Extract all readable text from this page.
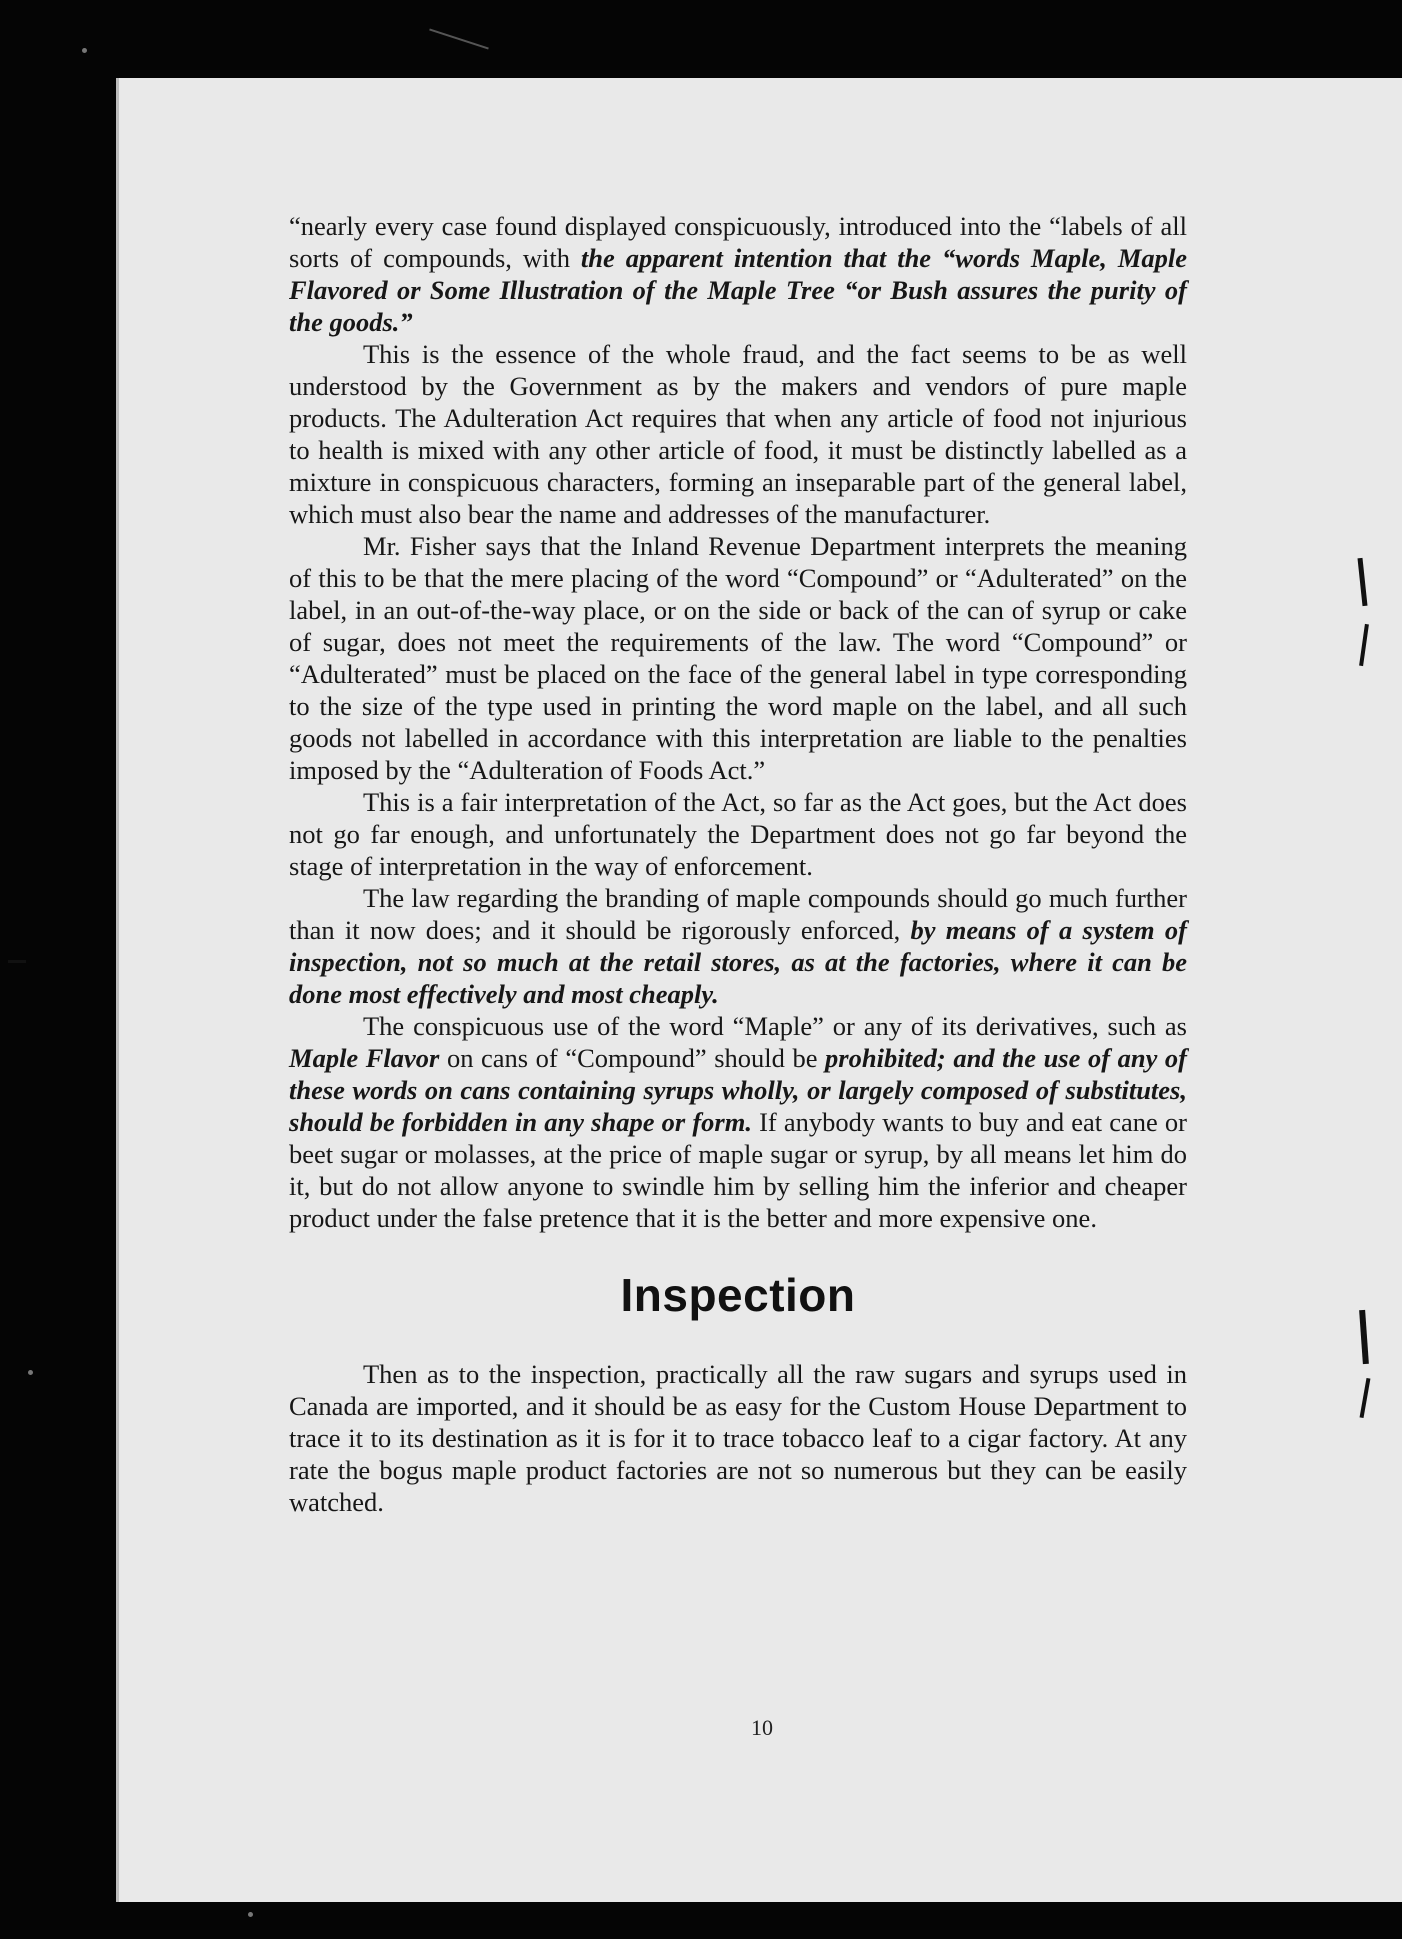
“nearly every case found displayed conspicuously, introduced into the “labels of all sorts of compounds, with the apparent intention that the “words Maple, Maple Flavored or Some Illustration of the Maple Tree “or Bush assures the purity of the goods.”

This is the essence of the whole fraud, and the fact seems to be as well understood by the Government as by the makers and vendors of pure maple products. The Adulteration Act requires that when any article of food not injurious to health is mixed with any other article of food, it must be distinctly labelled as a mixture in conspicuous characters, forming an inseparable part of the general label, which must also bear the name and addresses of the manufacturer.

Mr. Fisher says that the Inland Revenue Department interprets the meaning of this to be that the mere placing of the word “Compound” or “Adulterated” on the label, in an out-of-the-way place, or on the side or back of the can of syrup or cake of sugar, does not meet the requirements of the law. The word “Compound” or “Adulterated” must be placed on the face of the general label in type corresponding to the size of the type used in printing the word maple on the label, and all such goods not labelled in accordance with this interpretation are liable to the penalties imposed by the “Adulteration of Foods Act.”

This is a fair interpretation of the Act, so far as the Act goes, but the Act does not go far enough, and unfortunately the Department does not go far beyond the stage of interpretation in the way of enforcement.

The law regarding the branding of maple compounds should go much further than it now does; and it should be rigorously enforced, by means of a system of inspection, not so much at the retail stores, as at the factories, where it can be done most effectively and most cheaply.

The conspicuous use of the word “Maple” or any of its derivatives, such as Maple Flavor on cans of “Compound” should be prohibited; and the use of any of these words on cans containing syrups wholly, or largely composed of substitutes, should be forbidden in any shape or form. If anybody wants to buy and eat cane or beet sugar or molasses, at the price of maple sugar or syrup, by all means let him do it, but do not allow anyone to swindle him by selling him the inferior and cheaper product under the false pretence that it is the better and more expensive one.

Inspection

Then as to the inspection, practically all the raw sugars and syrups used in Canada are imported, and it should be as easy for the Custom House Department to trace it to its destination as it is for it to trace tobacco leaf to a cigar factory. At any rate the bogus maple product factories are not so numerous but they can be easily watched.

10
